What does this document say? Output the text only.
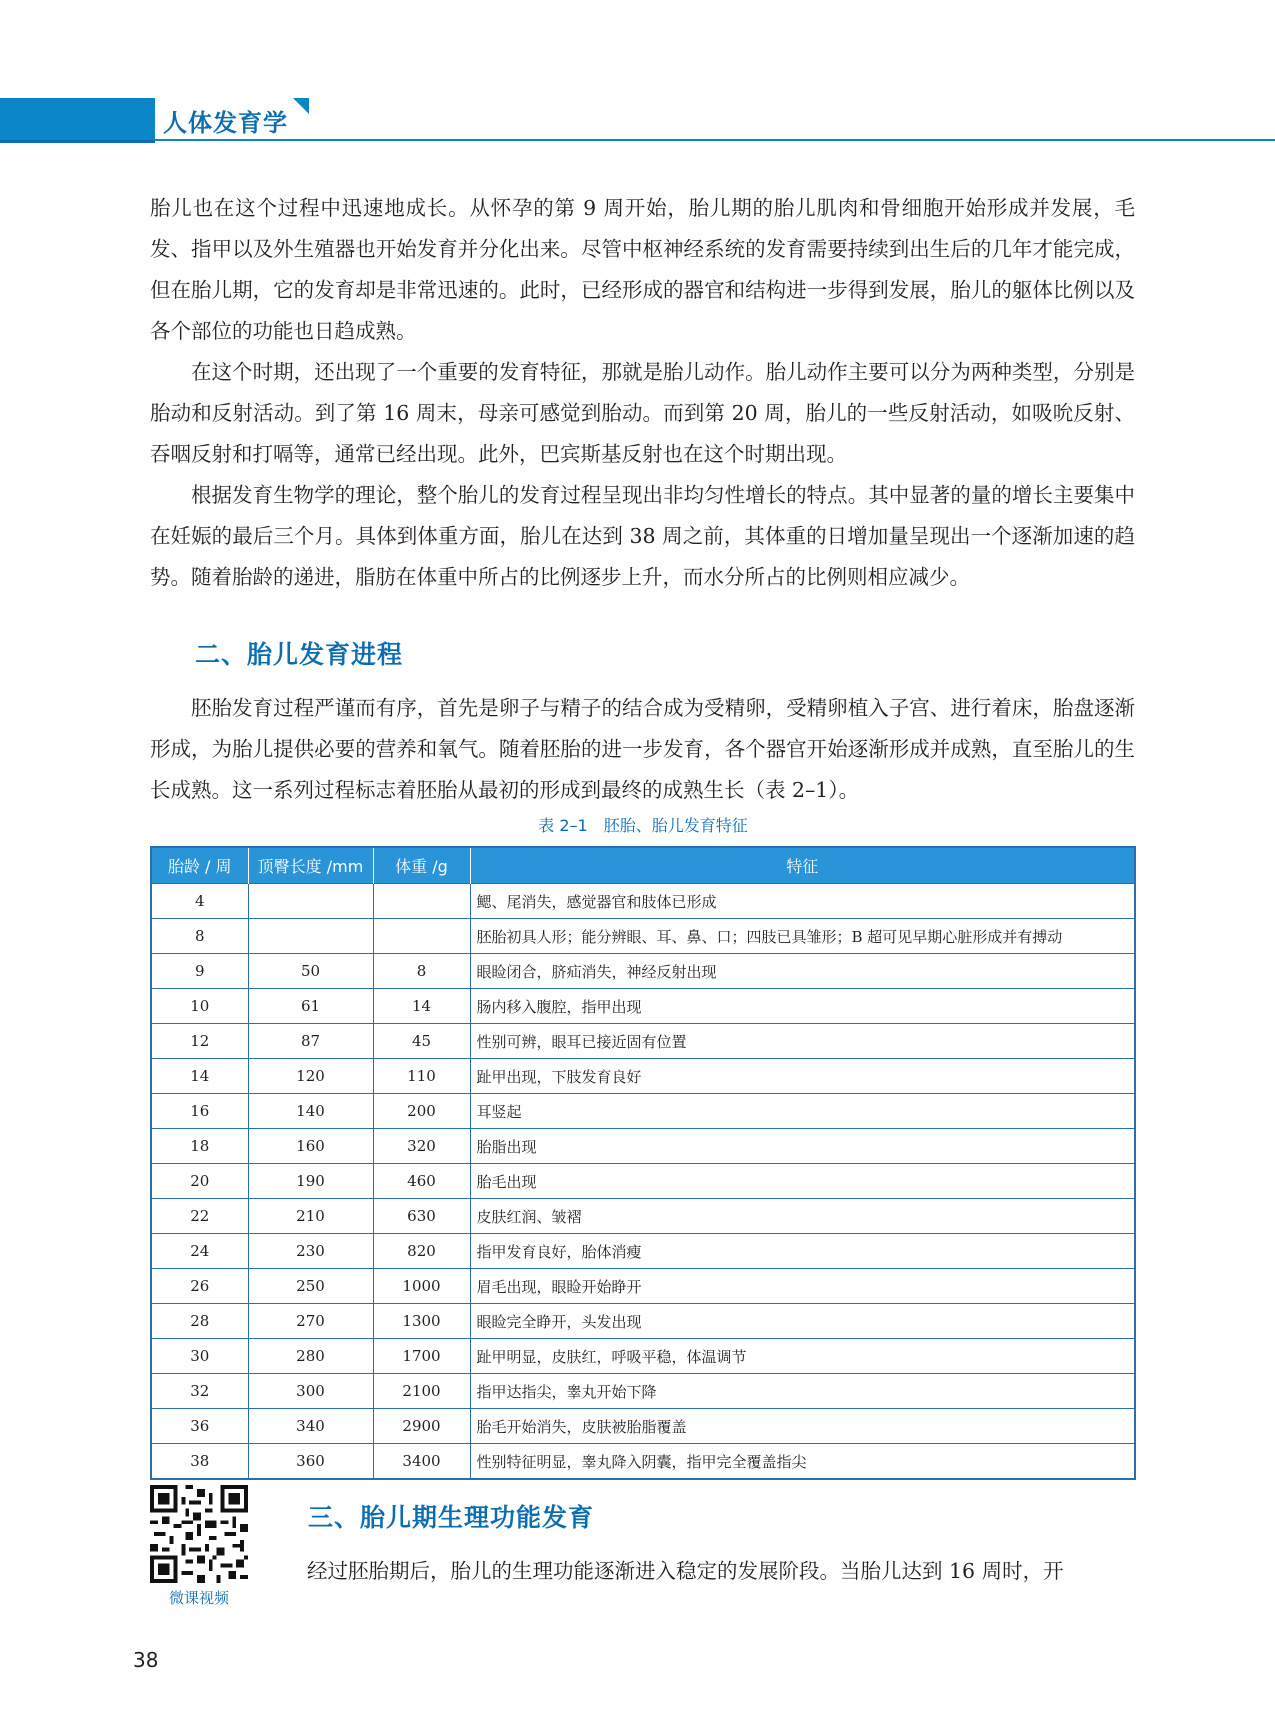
人体发育学

胎儿也在这个过程中迅速地成长。从怀孕的第 9 周开始，胎儿期的胎儿肌肉和骨细胞开始形成并发展，毛发、指甲以及外生殖器也开始发育并分化出来。尽管中枢神经系统的发育需要持续到出生后的几年才能完成，但在胎儿期，它的发育却是非常迅速的。此时，已经形成的器官和结构进一步得到发展，胎儿的躯体比例以及各个部位的功能也日趋成熟。

在这个时期，还出现了一个重要的发育特征，那就是胎儿动作。胎儿动作主要可以分为两种类型，分别是胎动和反射活动。到了第 16 周末，母亲可感觉到胎动。而到第 20 周，胎儿的一些反射活动，如吸吮反射、吞咽反射和打嗝等，通常已经出现。此外，巴宾斯基反射也在这个时期出现。

根据发育生物学的理论，整个胎儿的发育过程呈现出非均匀性增长的特点。其中显著的量的增长主要集中在妊娠的最后三个月。具体到体重方面，胎儿在达到 38 周之前，其体重的日增加量呈现出一个逐渐加速的趋势。随着胎龄的递进，脂肪在体重中所占的比例逐步上升，而水分所占的比例则相应减少。

二、胎儿发育进程

胚胎发育过程严谨而有序，首先是卵子与精子的结合成为受精卵，受精卵植入子宫、进行着床，胎盘逐渐形成，为胎儿提供必要的营养和氧气。随着胚胎的进一步发育，各个器官开始逐渐形成并成熟，直至胎儿的生长成熟。这一系列过程标志着胚胎从最初的形成到最终的成熟生长（表 2–1）。

表 2–1　胚胎、胎儿发育特征
胎龄 / 周	顶臀长度 /mm	体重 /g	特征
4			鳃、尾消失，感觉器官和肢体已形成
8			胚胎初具人形；能分辨眼、耳、鼻、口；四肢已具雏形；B 超可见早期心脏形成并有搏动
9	50	8	眼睑闭合，脐疝消失，神经反射出现
10	61	14	肠内移入腹腔，指甲出现
12	87	45	性别可辨，眼耳已接近固有位置
14	120	110	趾甲出现，下肢发育良好
16	140	200	耳竖起
18	160	320	胎脂出现
20	190	460	胎毛出现
22	210	630	皮肤红润、皱褶
24	230	820	指甲发育良好，胎体消瘦
26	250	1000	眉毛出现，眼睑开始睁开
28	270	1300	眼睑完全睁开，头发出现
30	280	1700	趾甲明显，皮肤红，呼吸平稳，体温调节
32	300	2100	指甲达指尖，睾丸开始下降
36	340	2900	胎毛开始消失，皮肤被胎脂覆盖
38	360	3400	性别特征明显，睾丸降入阴囊，指甲完全覆盖指尖
微课视频
三、胎儿期生理功能发育

经过胚胎期后，胎儿的生理功能逐渐进入稳定的发展阶段。当胎儿达到 16 周时，开

38
